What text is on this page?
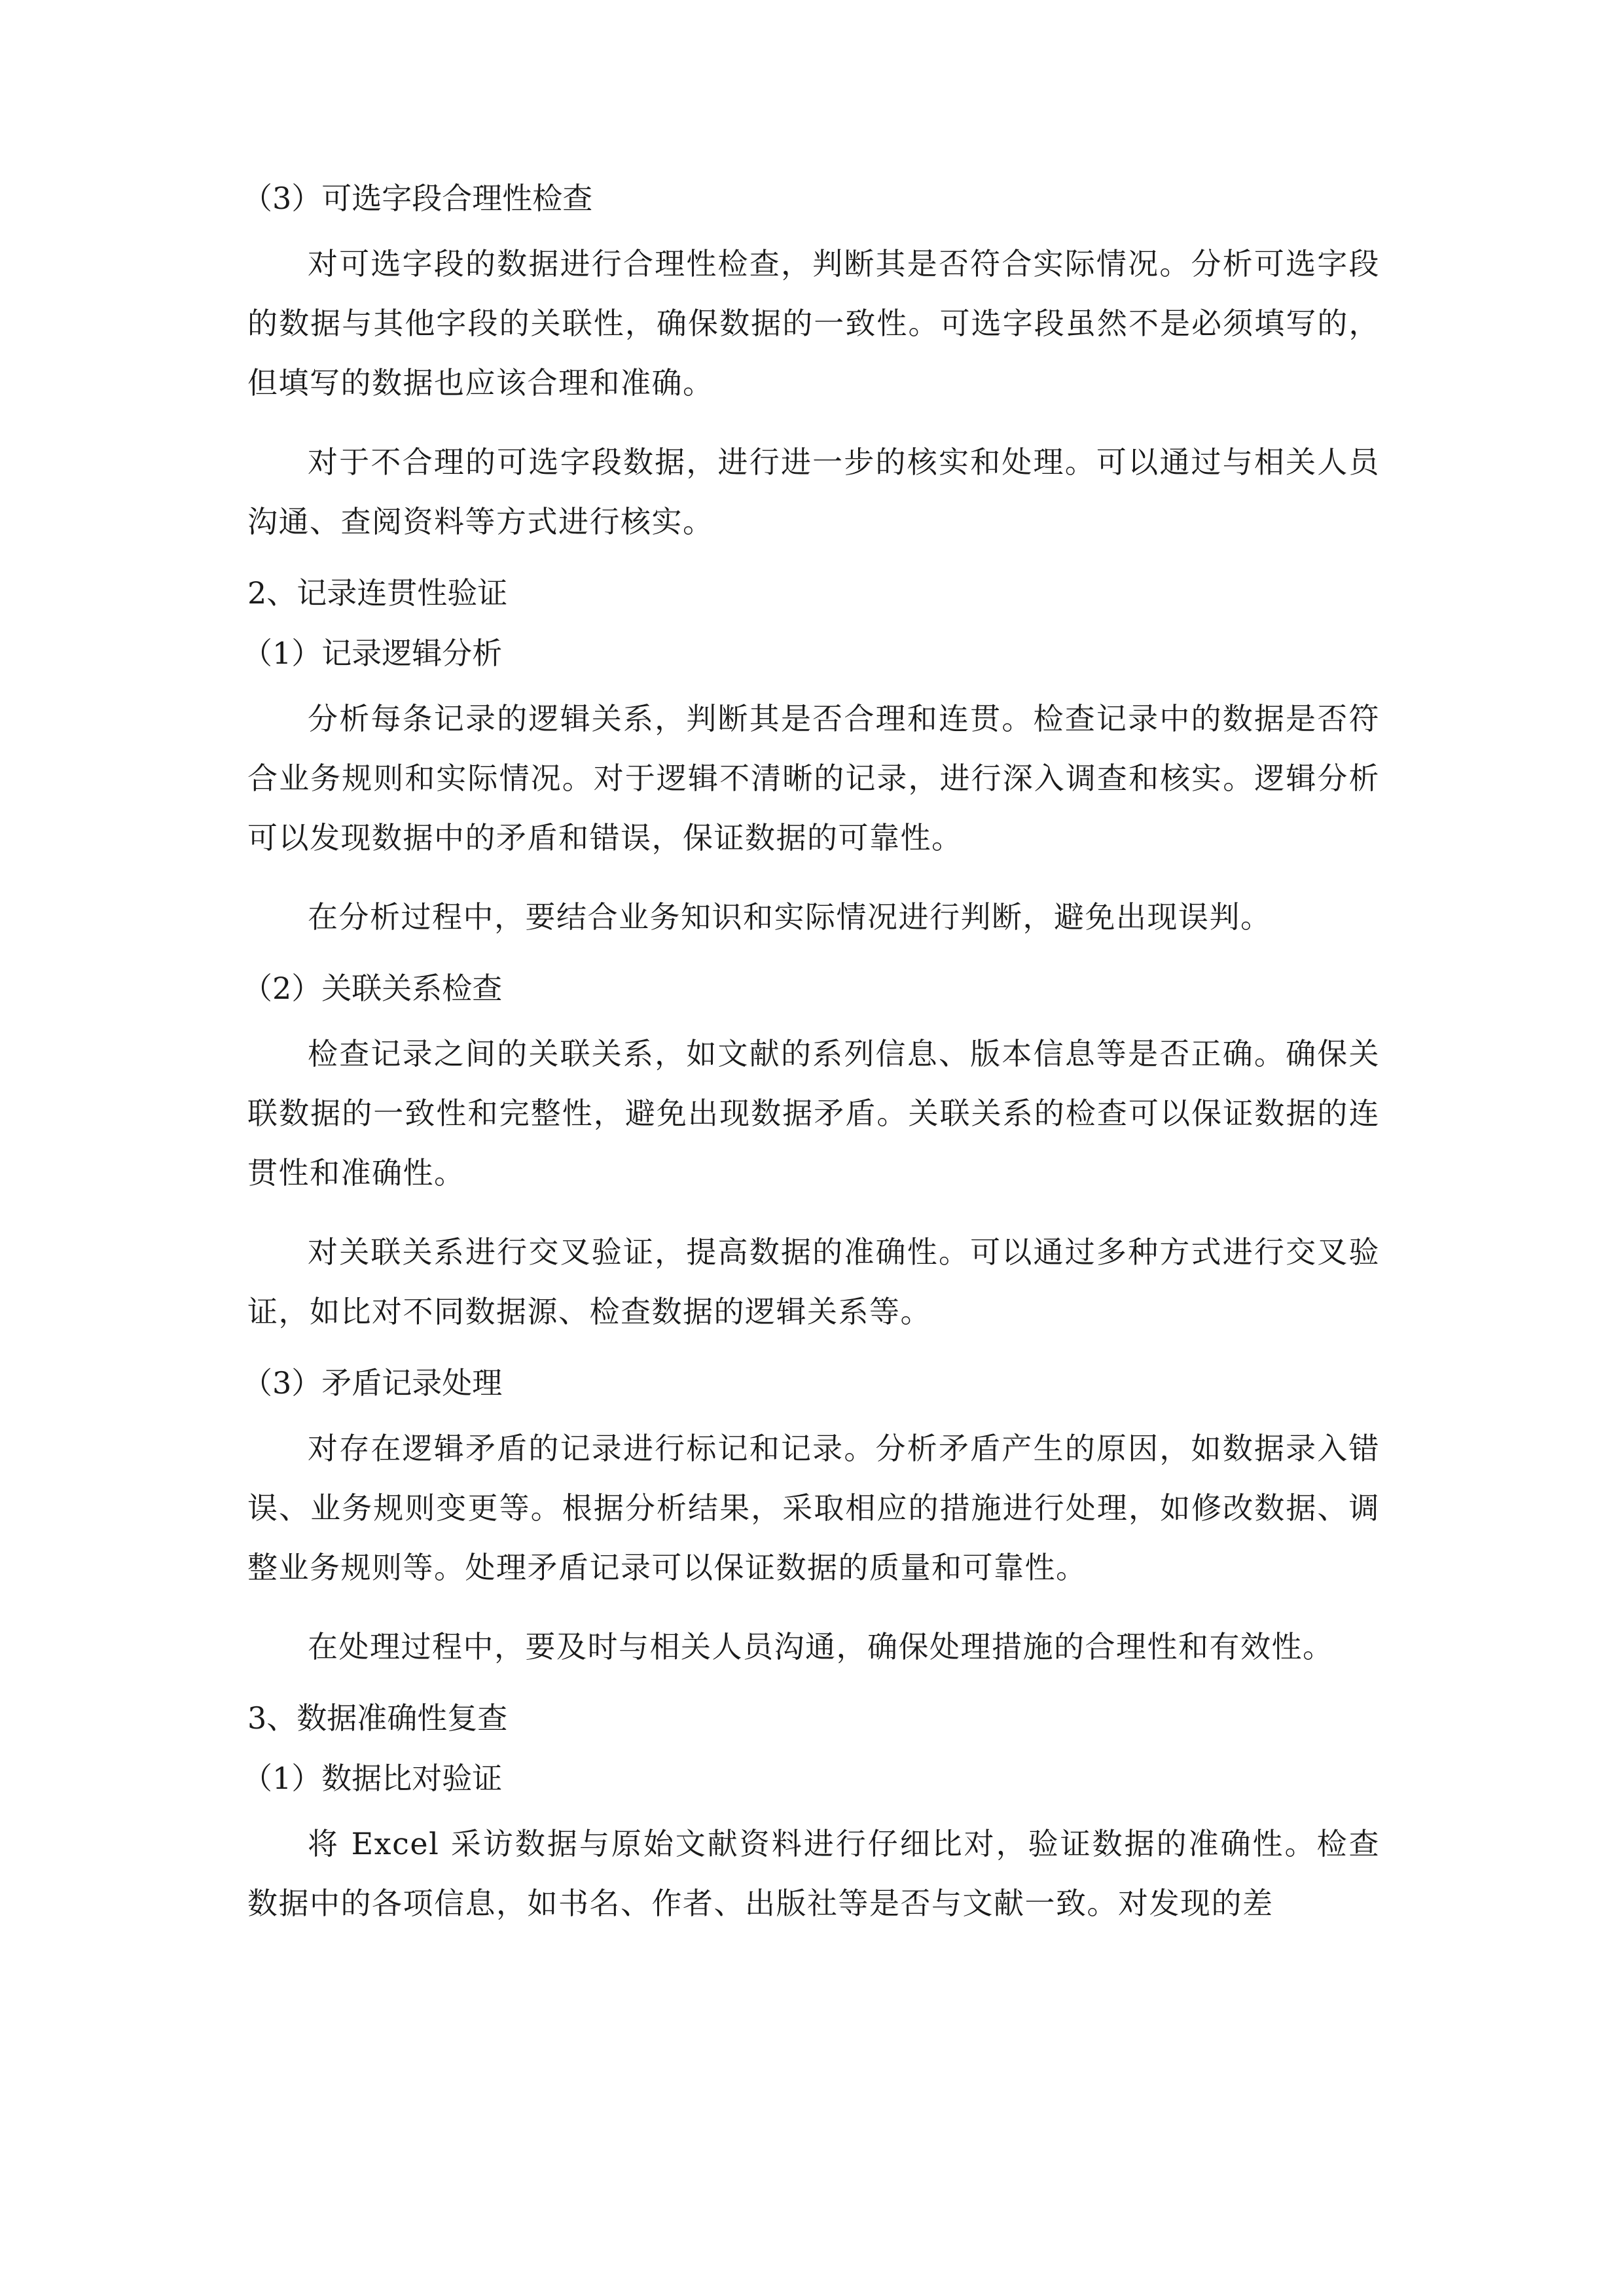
（3）可选字段合理性检查

对可选字段的数据进行合理性检查，判断其是否符合实际情况。分析可选字段的数据与其他字段的关联性，确保数据的一致性。可选字段虽然不是必须填写的，但填写的数据也应该合理和准确。

对于不合理的可选字段数据，进行进一步的核实和处理。可以通过与相关人员沟通、查阅资料等方式进行核实。

2、记录连贯性验证

（1）记录逻辑分析

分析每条记录的逻辑关系，判断其是否合理和连贯。检查记录中的数据是否符合业务规则和实际情况。对于逻辑不清晰的记录，进行深入调查和核实。逻辑分析可以发现数据中的矛盾和错误，保证数据的可靠性。

在分析过程中，要结合业务知识和实际情况进行判断，避免出现误判。

（2）关联关系检查

检查记录之间的关联关系，如文献的系列信息、版本信息等是否正确。确保关联数据的一致性和完整性，避免出现数据矛盾。关联关系的检查可以保证数据的连贯性和准确性。

对关联关系进行交叉验证，提高数据的准确性。可以通过多种方式进行交叉验证，如比对不同数据源、检查数据的逻辑关系等。

（3）矛盾记录处理

对存在逻辑矛盾的记录进行标记和记录。分析矛盾产生的原因，如数据录入错误、业务规则变更等。根据分析结果，采取相应的措施进行处理，如修改数据、调整业务规则等。处理矛盾记录可以保证数据的质量和可靠性。

在处理过程中，要及时与相关人员沟通，确保处理措施的合理性和有效性。

3、数据准确性复查

（1）数据比对验证

将 Excel 采访数据与原始文献资料进行仔细比对，验证数据的准确性。检查数据中的各项信息，如书名、作者、出版社等是否与文献一致。对发现的差
